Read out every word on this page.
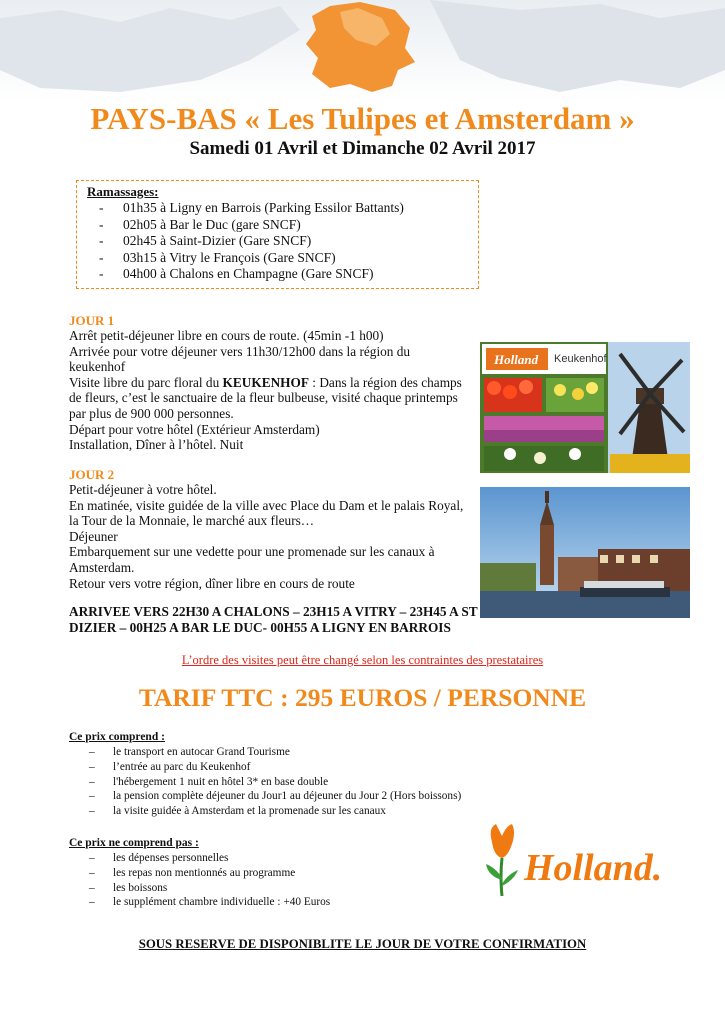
PAYS-BAS « Les Tulipes et Amsterdam »
Samedi 01 Avril et Dimanche 02 Avril 2017
Ramassages:
- 01h35 à Ligny en Barrois (Parking Essilor Battants)
- 02h05 à Bar le Duc (gare SNCF)
- 02h45 à Saint-Dizier (Gare SNCF)
- 03h15 à Vitry le François (Gare SNCF)
- 04h00 à Chalons en Champagne (Gare SNCF)
JOUR 1

Arrêt petit-déjeuner libre en cours de route. (45min -1 h00)

Arrivée pour votre déjeuner vers 11h30/12h00 dans la région du keukenhof

Visite libre du parc floral du KEUKENHOF : Dans la région des champs de fleurs, c’est le sanctuaire de la fleur bulbeuse, visité chaque printemps par plus de 900 000 personnes.

Départ pour votre hôtel (Extérieur Amsterdam)

Installation, Dîner à l’hôtel. Nuit

Holland Keukenhof
JOUR 2

Petit-déjeuner à votre hôtel.

En matinée, visite guidée de la ville avec Place du Dam et le palais Royal, la Tour de la Monnaie, le marché aux fleurs…

Déjeuner

Embarquement sur une vedette pour une promenade sur les canaux à Amsterdam.

Retour vers votre région, dîner libre en cours de route

ARRIVEE VERS 22H30 A CHALONS – 23H15 A VITRY – 23H45 A ST DIZIER – 00H25 A BAR LE DUC- 00H55 A LIGNY EN BARROIS
L’ordre des visites peut être changé selon les contraintes des prestataires
TARIF TTC : 295 EUROS / PERSONNE
Ce prix comprend :
– le transport en autocar Grand Tourisme
– l’entrée au parc du Keukenhof
– l'hébergement 1 nuit en hôtel 3* en base double
– la pension complète déjeuner du Jour1 au déjeuner du Jour 2 (Hors boissons)
– la visite guidée à Amsterdam et la promenade sur les canaux
Ce prix ne comprend pas :
– les dépenses personnelles
– les repas non mentionnés au programme
– les boissons
– le supplément chambre individuelle : +40 Euros
Holland.
SOUS RESERVE DE DISPONIBLITE LE JOUR DE VOTRE CONFIRMATION
